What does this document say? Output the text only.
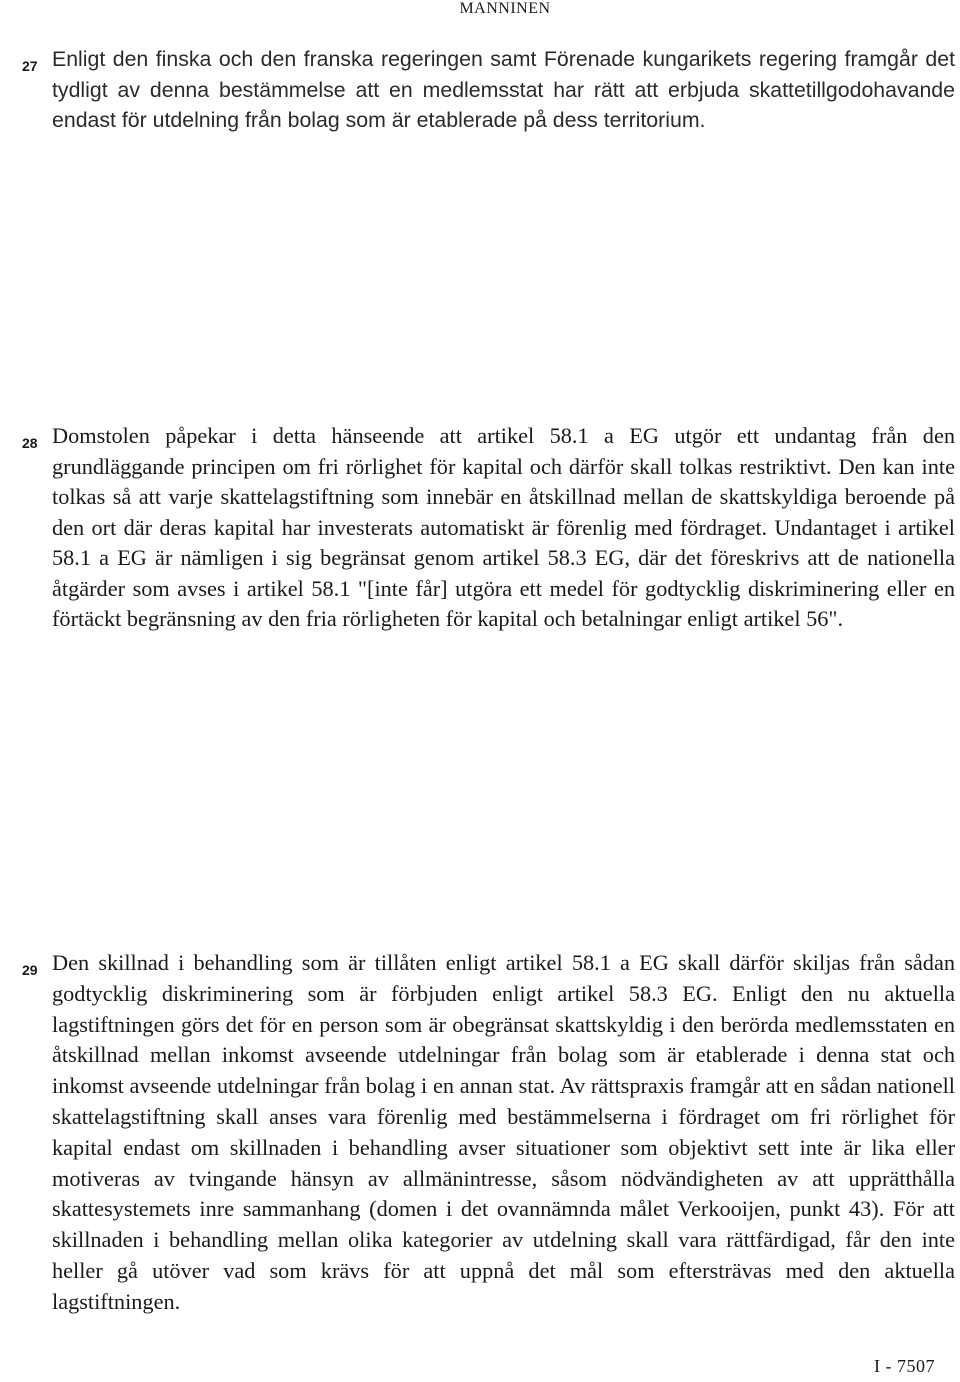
MANNINEN
27 Enligt den finska och den franska regeringen samt Förenade kungarikets regering framgår det tydligt av denna bestämmelse att en medlemsstat har rätt att erbjuda skattetillgodohavande endast för utdelning från bolag som är etablerade på dess territorium.

28 Domstolen påpekar i detta hänseende att artikel 58.1 a EG utgör ett undantag från den grundläggande principen om fri rörlighet för kapital och därför skall tolkas restriktivt. Den kan inte tolkas så att varje skattelagstiftning som innebär en åtskillnad mellan de skattskyldiga beroende på den ort där deras kapital har investerats automatiskt är förenlig med fördraget. Undantaget i artikel 58.1 a EG är nämligen i sig begränsat genom artikel 58.3 EG, där det föreskrivs att de nationella åtgärder som avses i artikel 58.1 "[inte får] utgöra ett medel för godtycklig diskriminering eller en förtäckt begränsning av den fria rörligheten för kapital och betalningar enligt artikel 56".

29 Den skillnad i behandling som är tillåten enligt artikel 58.1 a EG skall därför skiljas från sådan godtycklig diskriminering som är förbjuden enligt artikel 58.3 EG. Enligt den nu aktuella lagstiftningen görs det för en person som är obegränsat skattskyldig i den berörda medlemsstaten en åtskillnad mellan inkomst avseende utdelningar från bolag som är etablerade i denna stat och inkomst avseende utdelningar från bolag i en annan stat. Av rättspraxis framgår att en sådan nationell skattelagstiftning skall anses vara förenlig med bestämmelserna i fördraget om fri rörlighet för kapital endast om skillnaden i behandling avser situationer som objektivt sett inte är lika eller motiveras av tvingande hänsyn av allmänintresse, såsom nödvändigheten av att upprätthålla skattesystemets inre sammanhang (domen i det ovannämnda målet Verkooijen, punkt 43). För att skillnaden i behandling mellan olika kategorier av utdelning skall vara rättfärdigad, får den inte heller gå utöver vad som krävs för att uppnå det mål som eftersträvas med den aktuella lagstiftningen.

I - 7507
